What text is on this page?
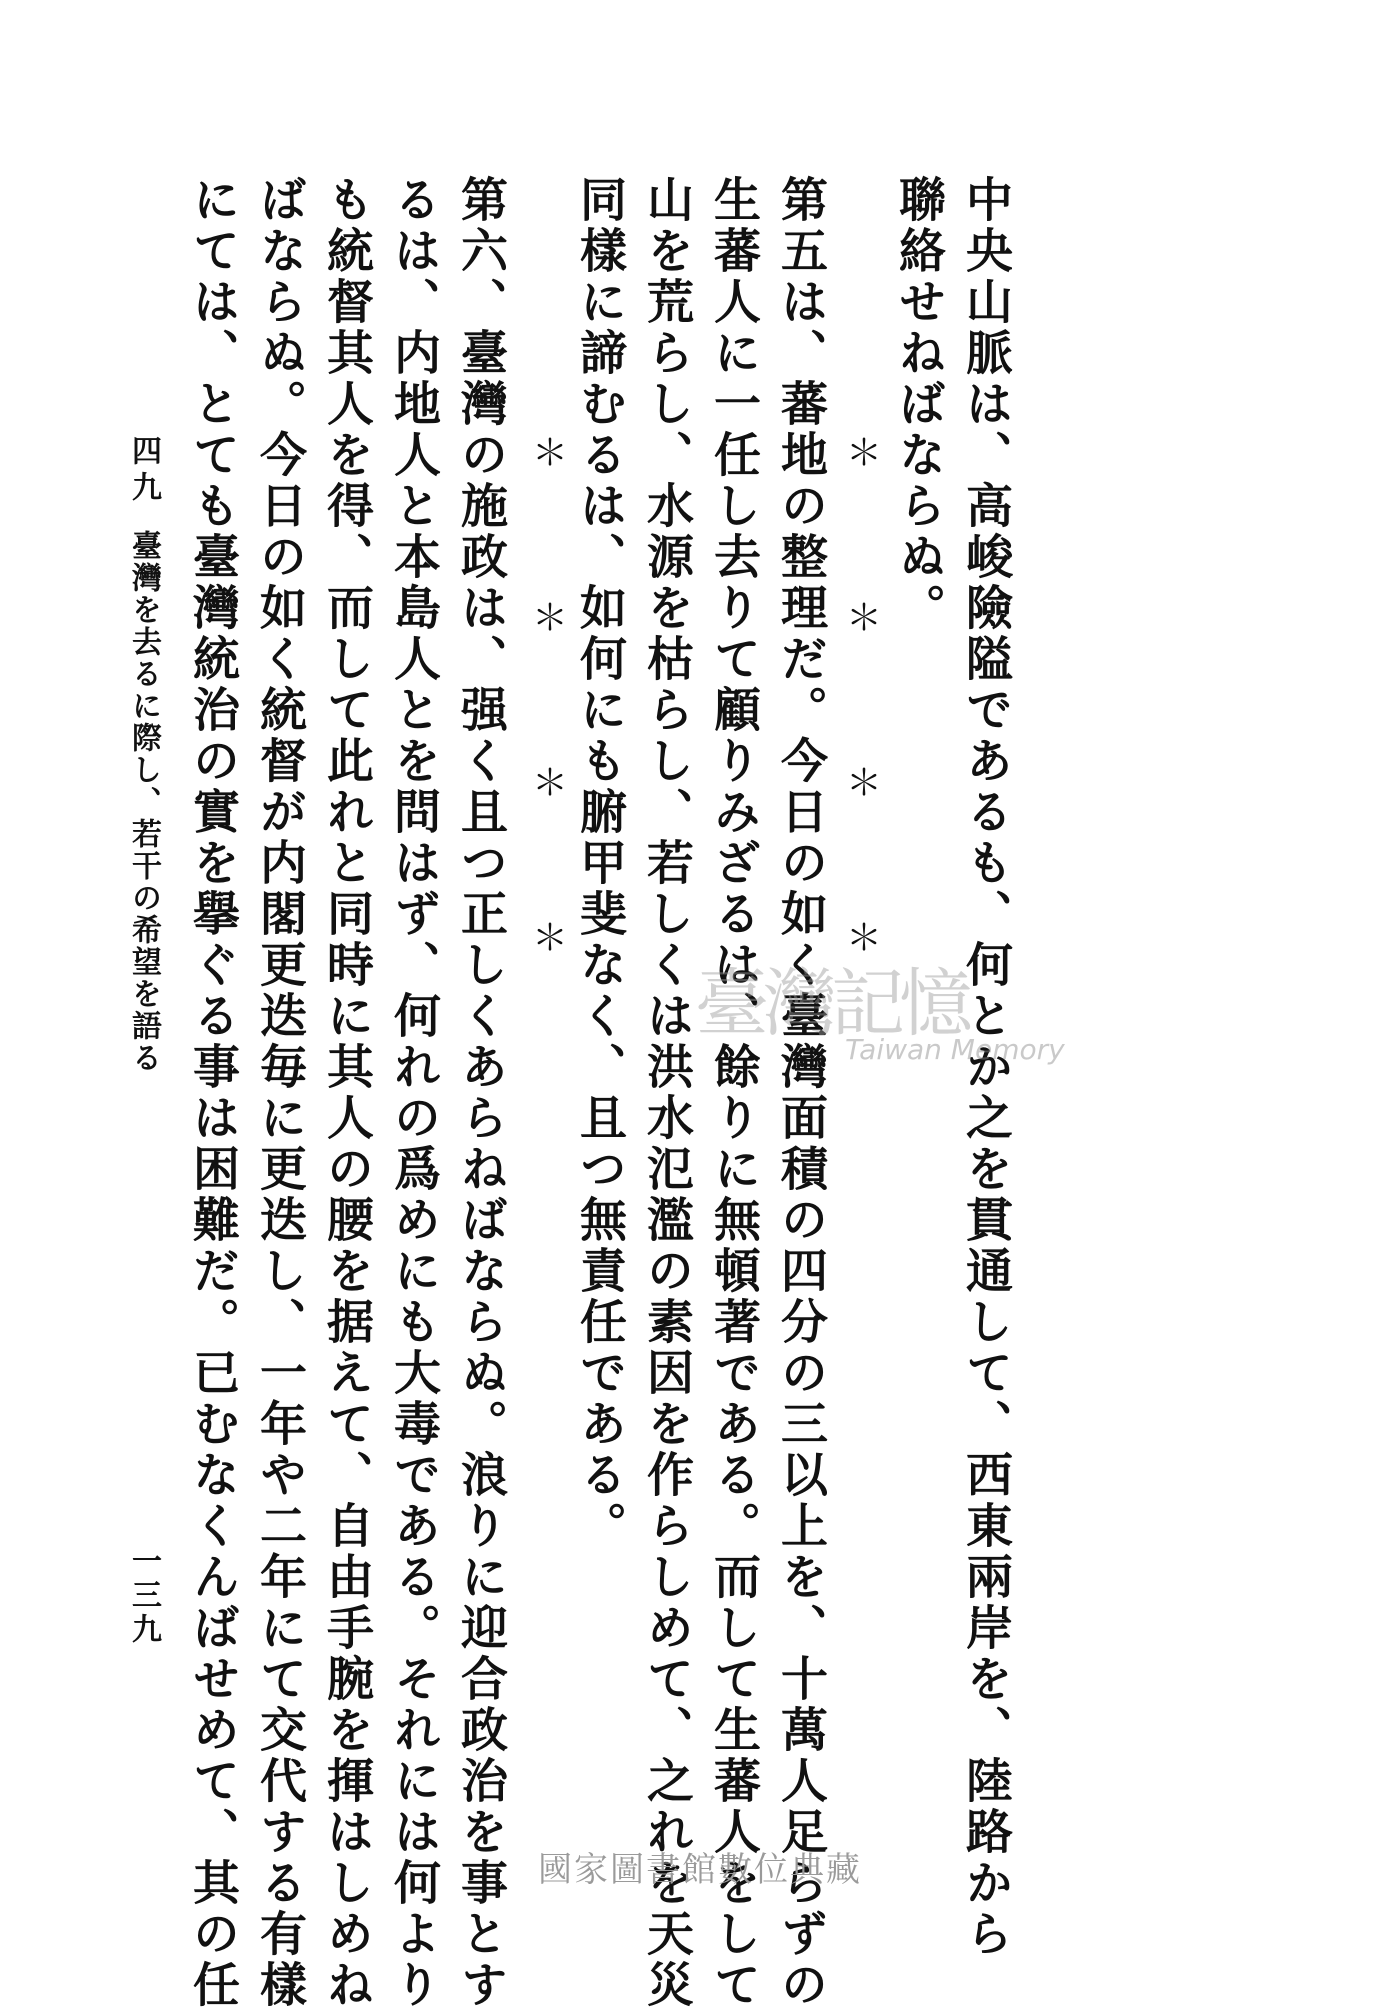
中央山脈は、高峻險隘であるも、何とか之を貫通して、西東兩岸を、陸路から
聯絡せねばならぬ。
＊
＊
＊
＊
第五は、蕃地の整理だ。今日の如く臺灣面積の四分の三以上を、十萬人足らずの
生蕃人に一任し去りて顧りみざるは、餘りに無頓著である。而して生蕃人をして
山を荒らし、水源を枯らし、若しくは洪水氾濫の素因を作らしめて、之れを天災
同樣に諦むるは、如何にも腑甲斐なく、且つ無責任である。
＊
＊
＊
＊
第六、臺灣の施政は、强く且つ正しくあらねばならぬ。浪りに迎合政治を事とす
るは、内地人と本島人とを問はず、何れの爲めにも大毒である。それには何より
も統督其人を得、而して此れと同時に其人の腰を据えて、自由手腕を揮はしめね
ばならぬ。今日の如く統督が内閣更迭毎に更迭し、一年や二年にて交代する有樣
にては、とても臺灣統治の實を擧ぐる事は困難だ。已むなくんばせめて、其の任
四九
臺灣を去るに際し、若干の希望を語る
一三九
臺灣記憶
Taiwan Memory
國家圖書館數位典藏
